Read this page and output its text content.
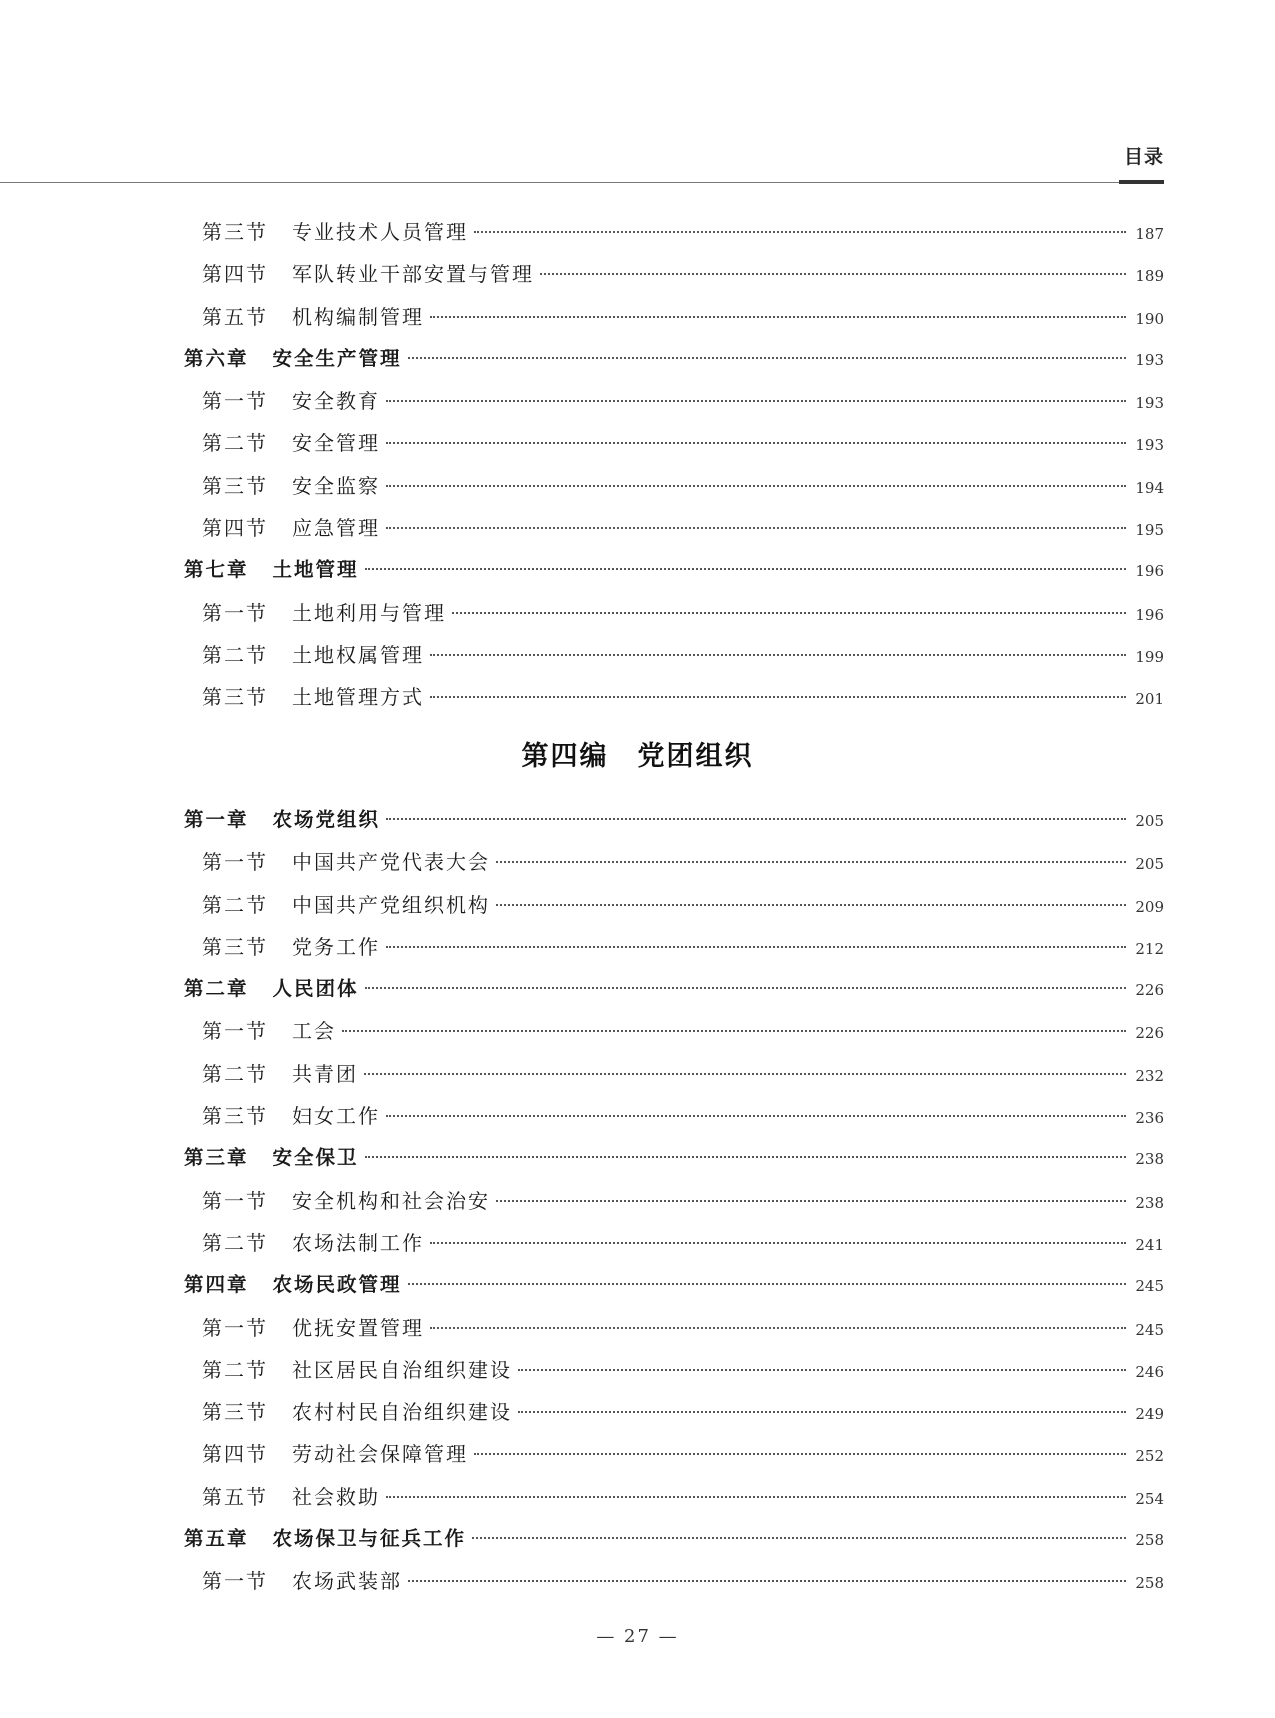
目录
第三节 专业技术人员管理	187
第四节 军队转业干部安置与管理	189
第五节 机构编制管理	190
第六章 安全生产管理	193
第一节 安全教育	193
第二节 安全管理	193
第三节 安全监察	194
第四节 应急管理	195
第七章 土地管理	196
第一节 土地利用与管理	196
第二节 土地权属管理	199
第三节 土地管理方式	201
第四编　党团组织
第一章 农场党组织	205
第一节 中国共产党代表大会	205
第二节 中国共产党组织机构	209
第三节 党务工作	212
第二章 人民团体	226
第一节 工会	226
第二节 共青团	232
第三节 妇女工作	236
第三章 安全保卫	238
第一节 安全机构和社会治安	238
第二节 农场法制工作	241
第四章 农场民政管理	245
第一节 优抚安置管理	245
第二节 社区居民自治组织建设	246
第三节 农村村民自治组织建设	249
第四节 劳动社会保障管理	252
第五节 社会救助	254
第五章 农场保卫与征兵工作	258
第一节 农场武装部	258
— 27 —
